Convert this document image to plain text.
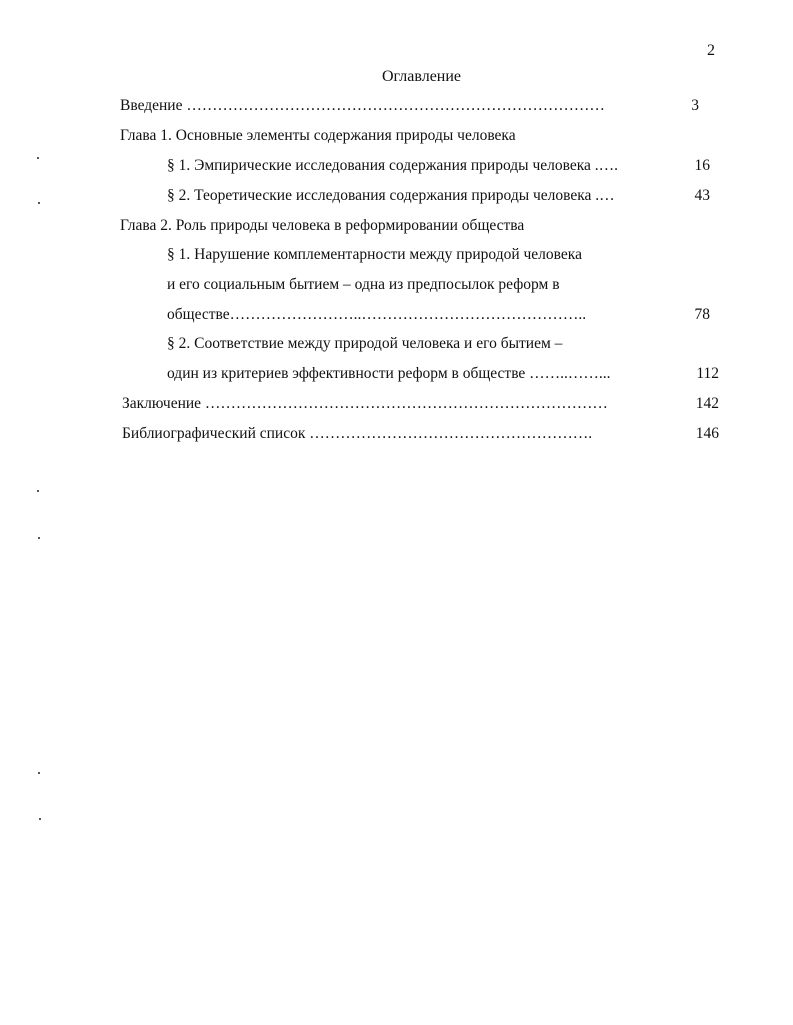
2
Оглавление
Введение ………………………………………………………………………	3
Глава 1. Основные элементы содержания природы человека
§ 1. Эмпирические исследования содержания природы человека .….	16
§ 2. Теоретические исследования содержания природы человека .…	43
Глава 2. Роль природы человека в реформировании общества
§ 1. Нарушение комплементарности между природой человека
и его социальным бытием – одна из предпосылок реформ в
обществе……………………..……………………………………..	78
§ 2. Соответствие между природой человека и его бытием –
один из критериев эффективности реформ в обществе ……..……...	112
Заключение ……………………………………………………………………	142
Библиографический список ……………………………………………….	146
